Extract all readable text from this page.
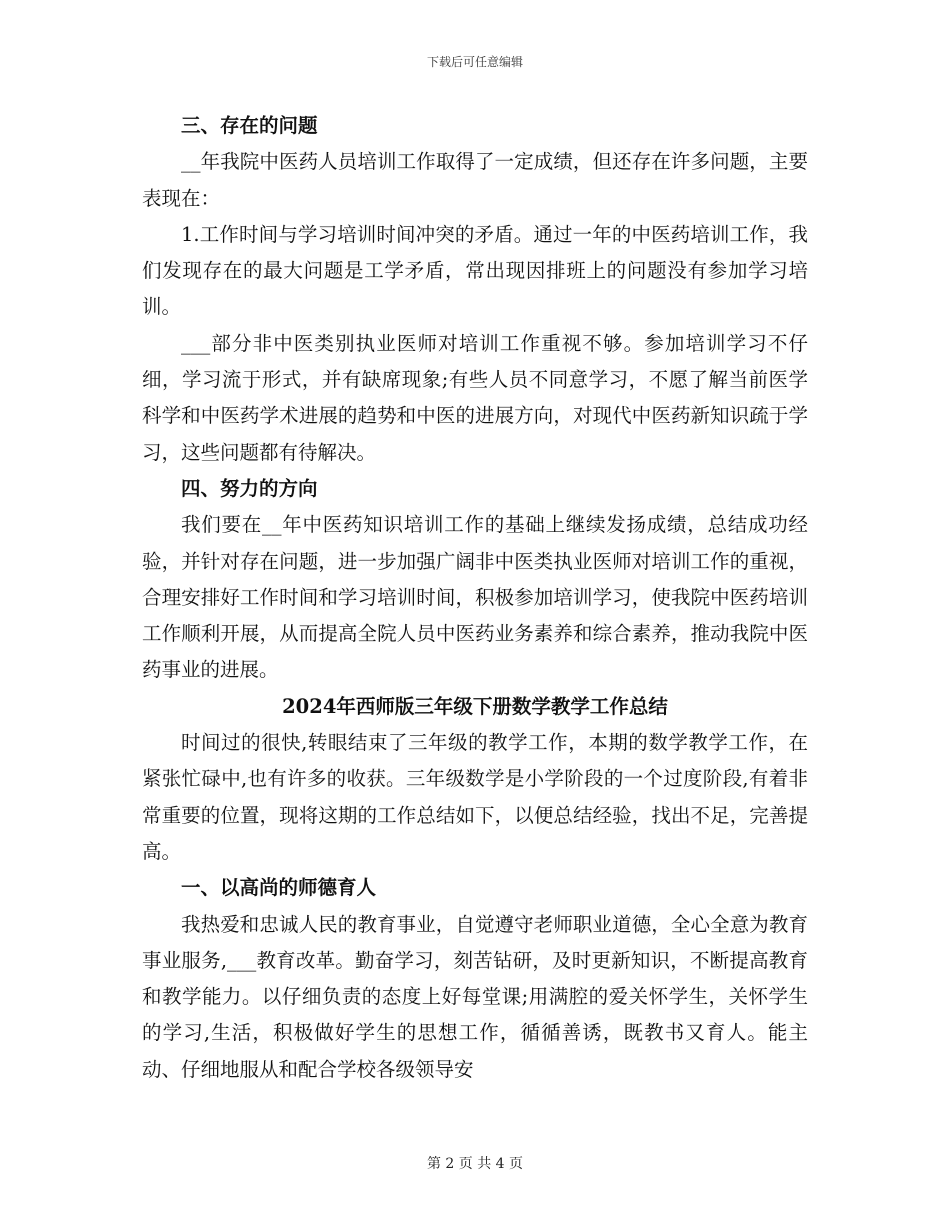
下载后可任意编辑
三、存在的问题

__年我院中医药人员培训工作取得了一定成绩，但还存在许多问题，主要表现在：

1.工作时间与学习培训时间冲突的矛盾。通过一年的中医药培训工作，我们发现存在的最大问题是工学矛盾，常出现因排班上的问题没有参加学习培训。

___部分非中医类别执业医师对培训工作重视不够。参加培训学习不仔细，学习流于形式，并有缺席现象;有些人员不同意学习，不愿了解当前医学科学和中医药学术进展的趋势和中医的进展方向，对现代中医药新知识疏于学习，这些问题都有待解决。

四、努力的方向

我们要在__年中医药知识培训工作的基础上继续发扬成绩，总结成功经验，并针对存在问题，进一步加强广阔非中医类执业医师对培训工作的重视，合理安排好工作时间和学习培训时间，积极参加培训学习，使我院中医药培训工作顺利开展，从而提高全院人员中医药业务素养和综合素养，推动我院中医药事业的进展。

2024年西师版三年级下册数学教学工作总结

时间过的很快,转眼结束了三年级的教学工作，本期的数学教学工作，在紧张忙碌中,也有许多的收获。三年级数学是小学阶段的一个过度阶段,有着非常重要的位置，现将这期的工作总结如下，以便总结经验，找出不足，完善提高。

一、以高尚的师德育人

我热爱和忠诚人民的教育事业，自觉遵守老师职业道德，全心全意为教育事业服务,___教育改革。勤奋学习，刻苦钻研，及时更新知识，不断提高教育和教学能力。以仔细负责的态度上好每堂课;用满腔的爱关怀学生，关怀学生的学习,生活，积极做好学生的思想工作，循循善诱，既教书又育人。能主动、仔细地服从和配合学校各级领导安

第 2 页 共 4 页
